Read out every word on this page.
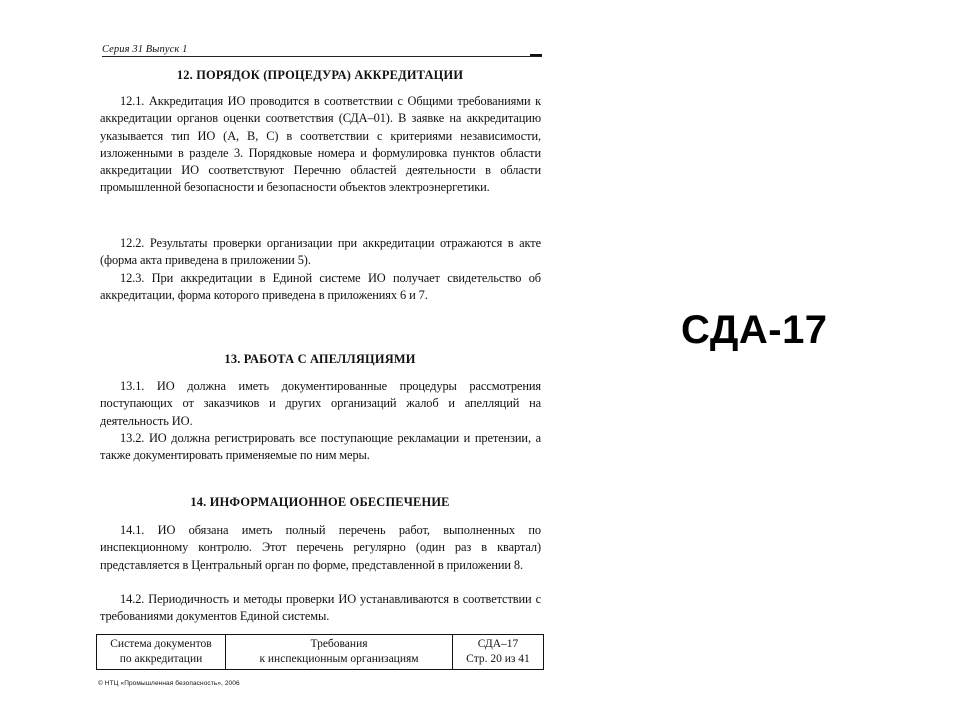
Серия 31 Выпуск 1
12. ПОРЯДОК (ПРОЦЕДУРА) АККРЕДИТАЦИИ
12.1. Аккредитация ИО проводится в соответствии с Общими требованиями к аккредитации органов оценки соответствия (СДА–01). В заявке на аккредитацию указывается тип ИО (А, В, С) в соответствии с критериями независимости, изложенными в разделе 3. Порядковые номера и формулировка пунктов области аккредитации ИО соответствуют Перечню областей деятельности в области промышленной безопасности и безопасности объектов электроэнергетики.
12.2. Результаты проверки организации при аккредитации отражаются в акте (форма акта приведена в приложении 5).
12.3. При аккредитации в Единой системе ИО получает свидетельство об аккредитации, форма которого приведена в приложениях 6 и 7.
13. РАБОТА С АПЕЛЛЯЦИЯМИ
13.1. ИО должна иметь документированные процедуры рассмотрения поступающих от заказчиков и других организаций жалоб и апелляций на деятельность ИО.
13.2. ИО должна регистрировать все поступающие рекламации и претензии, а также документировать применяемые по ним меры.
14. ИНФОРМАЦИОННОЕ ОБЕСПЕЧЕНИЕ
14.1. ИО обязана иметь полный перечень работ, выполненных по инспекционному контролю. Этот перечень регулярно (один раз в квартал) представляется в Центральный орган по форме, представленной в приложении 8.
14.2. Периодичность и методы проверки ИО устанавливаются в соответствии с требованиями документов Единой системы.
Система документов
по аккредитации
Требования
к инспекционным организациям
СДА–17
Стр. 20 из 41
© НТЦ «Промышленная безопасность», 2006
СДА-17
